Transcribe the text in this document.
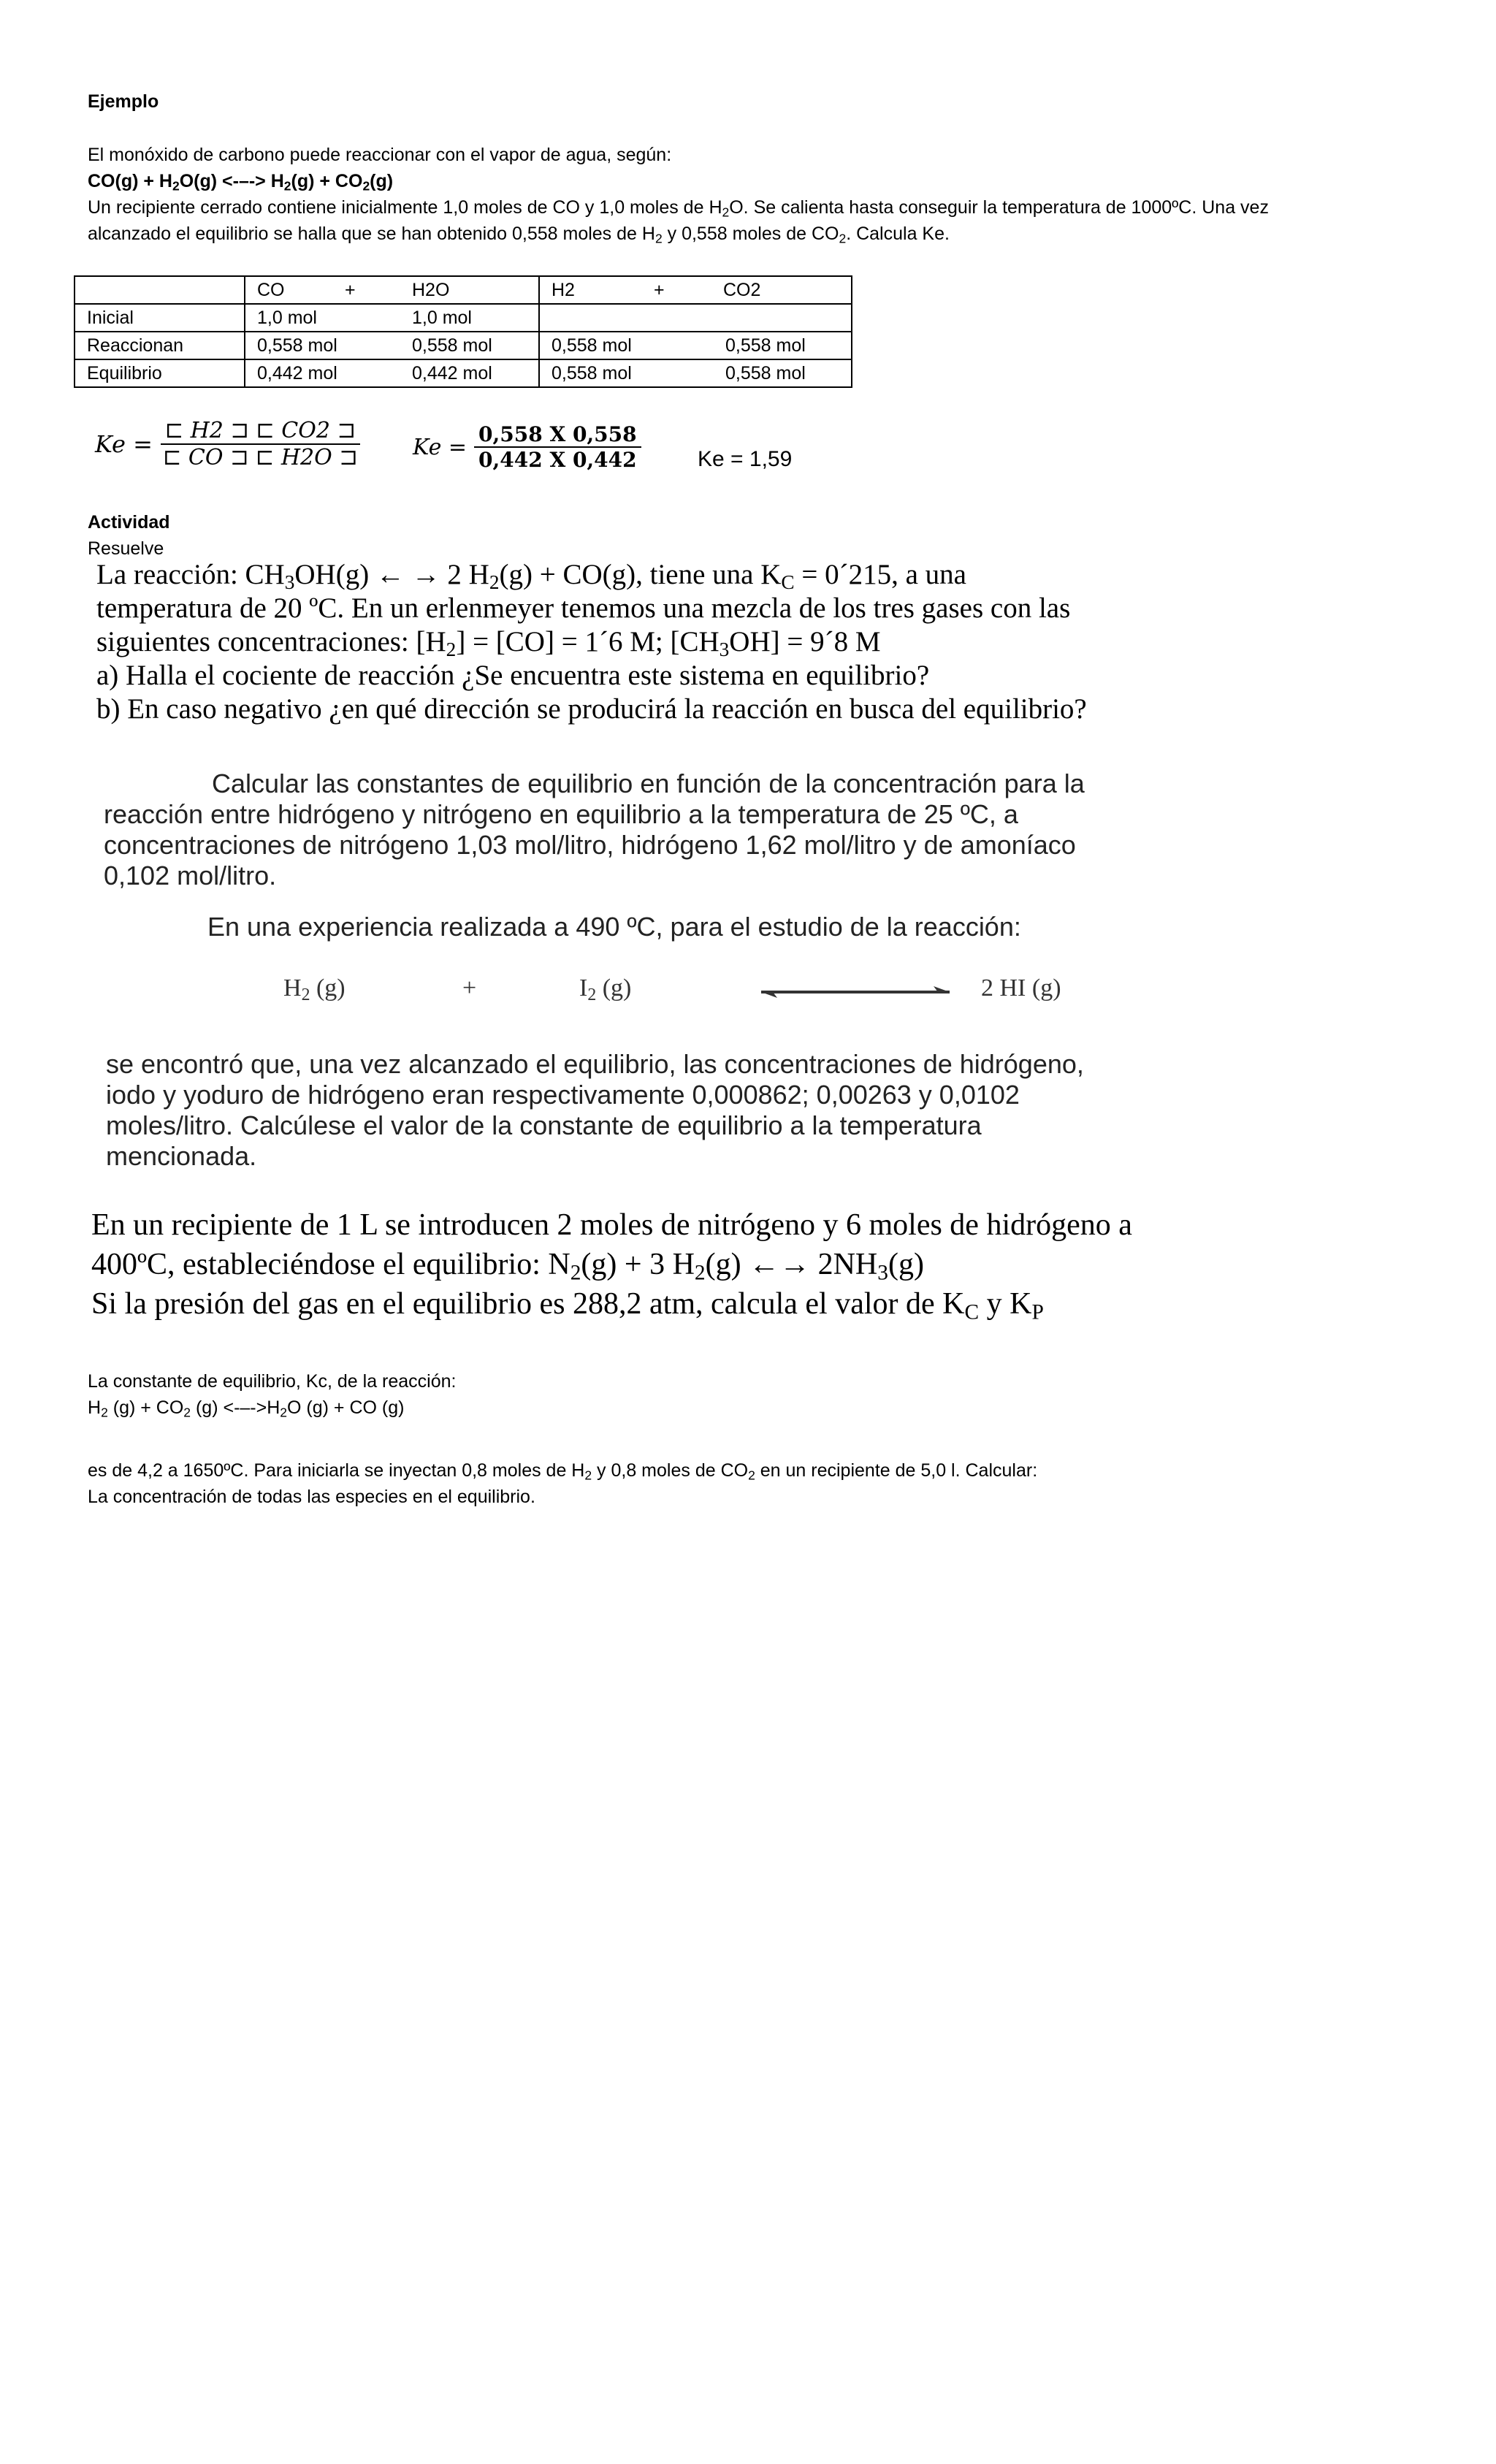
Ejemplo

El monóxido de carbono puede reaccionar con el vapor de agua, según:

$CO(g) + H_2O(g)$ <-–-> $H_2(g) + CO_2(g)$

Un recipiente cerrado contiene inicialmente 1,0 moles de CO y 1,0 moles de $H_2O$. Se calienta hasta conseguir la temperatura de 1000ºC. Una vez

alcanzado el equilibrio se halla que se han obtenido 0,558 moles de $H_2$ y 0,558 moles de $CO_2$. Calcula Ke.

	CO + H2O	H2 + CO2

Inicial	1,0 mol 1,0 mol	

Reaccionan	0,558 mol 0,558 mol	0,558 mol 0,558 mol

Equilibrio	0,442 mol 0,442 mol	0,558 mol 0,558 mol
$Ke = \frac{⊏ H2 ⊐ ⊏ CO2 ⊐}{⊏ CO ⊐ ⊏ H2O ⊐}$ $Ke = \frac{0,558 X 0,558}{0,442 X 0,442}$	Ke = 1,59

Actividad

Resuelve

La reacción: $CH_3OH(g)$ ← → 2 $H_2(g) + CO(g)$, tiene una $K_C$ = 0´215, a una
temperatura de 20 ºC. En un erlenmeyer tenemos una mezcla de los tres gases con las
siguientes concentraciones: $[H_2] = [CO]$ = 1´6 M; $[CH_3OH]$ = 9´8 M
a) Halla el cociente de reacción ¿Se encuentra este sistema en equilibrio?
b) En caso negativo ¿en qué dirección se producirá la reacción en busca del equilibrio?
Calcular las constantes de equilibrio en función de la concentración para la
reacción entre hidrógeno y nitrógeno en equilibrio a la temperatura de 25 ºC, a
concentraciones de nitrógeno 1,03 mol/litro, hidrógeno 1,62 mol/litro y de amoníaco
0,102 mol/litro.
En una experiencia realizada a 490 ºC, para el estudio de la reacción:
$H_2$ (g)	+	$I_2$ (g)	2 HI (g)
se encontró que, una vez alcanzado el equilibrio, las concentraciones de hidrógeno,
iodo y yoduro de hidrógeno eran respectivamente 0,000862; 0,00263 y 0,0102
moles/litro. Calcúlese el valor de la constante de equilibrio a la temperatura
mencionada.
En un recipiente de 1 L se introducen 2 moles de nitrógeno y 6 moles de hidrógeno a
400ºC, estableciéndose el equilibrio: $N_2(g) + 3$ $H_2(g)$ ←→ $2NH_3(g)$
Si la presión del gas en el equilibrio es 288,2 atm, calcula el valor de $K_C$ y $K_P$

La constante de equilibrio, Kc, de la reacción:

$H_2$ $(g) + CO_2$ $(g) <--->H_2O$ (g) + CO (g)

es de 4,2 a 1650ºC. Para iniciarla se inyectan 0,8 moles de $H_2$ y 0,8 moles de $CO_2$ en un recipiente de 5,0 l. Calcular:

La concentración de todas las especies en el equilibrio.
